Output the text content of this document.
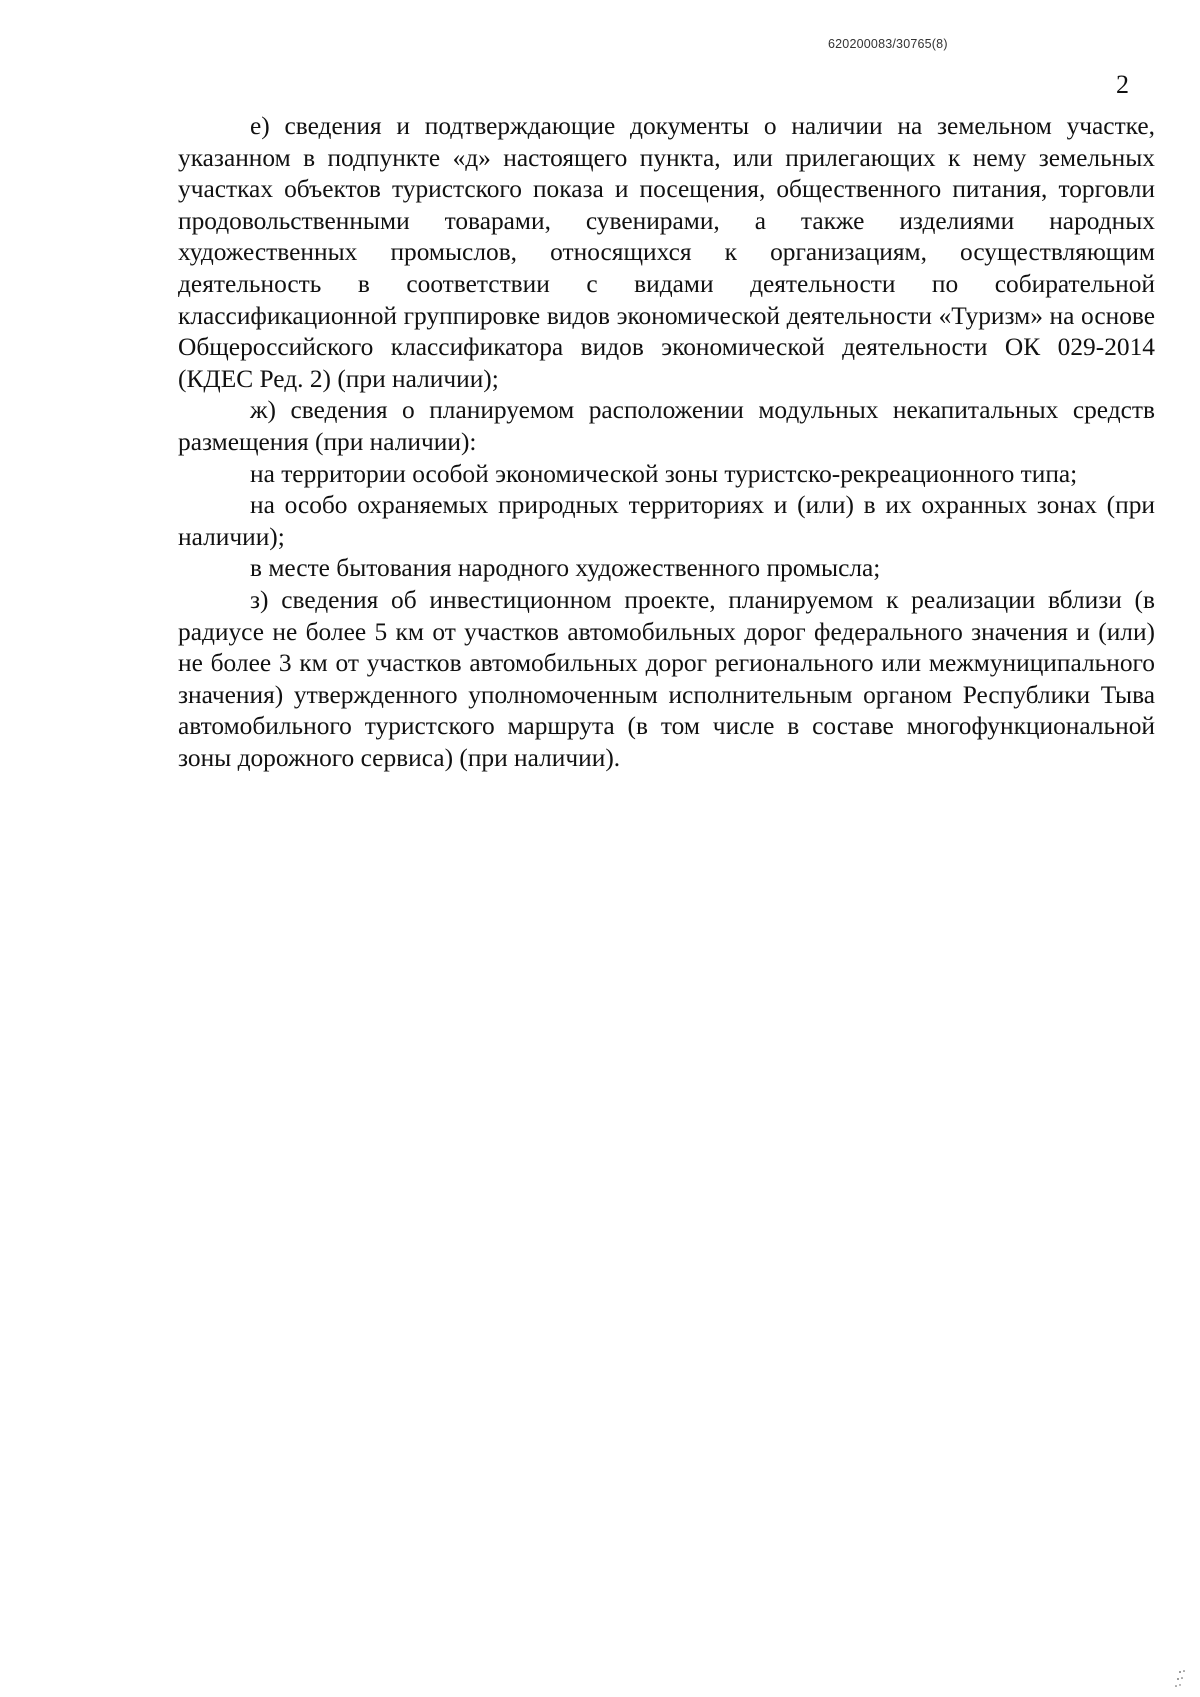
620200083/30765(8)
2

е) сведения и подтверждающие документы о наличии на земельном участке, указанном в подпункте «д» настоящего пункта, или прилегающих к нему земельных участках объектов туристского показа и посещения, общественного питания, торговли продовольственными товарами, сувенирами, а также изделиями народных художественных промыслов, относящихся к организациям, осуществляющим деятельность в соответствии с видами деятельности по собирательной классификационной группировке видов экономической деятельности «Туризм» на основе Общероссийского классификатора видов экономической деятельности ОК 029-2014 (КДЕС Ред. 2) (при наличии);

ж) сведения о планируемом расположении модульных некапитальных средств размещения (при наличии):

на территории особой экономической зоны туристско-рекреационного типа;

на особо охраняемых природных территориях и (или) в их охранных зонах (при наличии);

в месте бытования народного художественного промысла;

з) сведения об инвестиционном проекте, планируемом к реализации вблизи (в радиусе не более 5 км от участков автомобильных дорог федерального значения и (или) не более 3 км от участков автомобильных дорог регионального или межмуниципального значения) утвержденного уполномоченным исполнительным органом Республики Тыва автомобильного туристского маршрута (в том числе в составе многофункциональной зоны дорожного сервиса) (при наличии).
